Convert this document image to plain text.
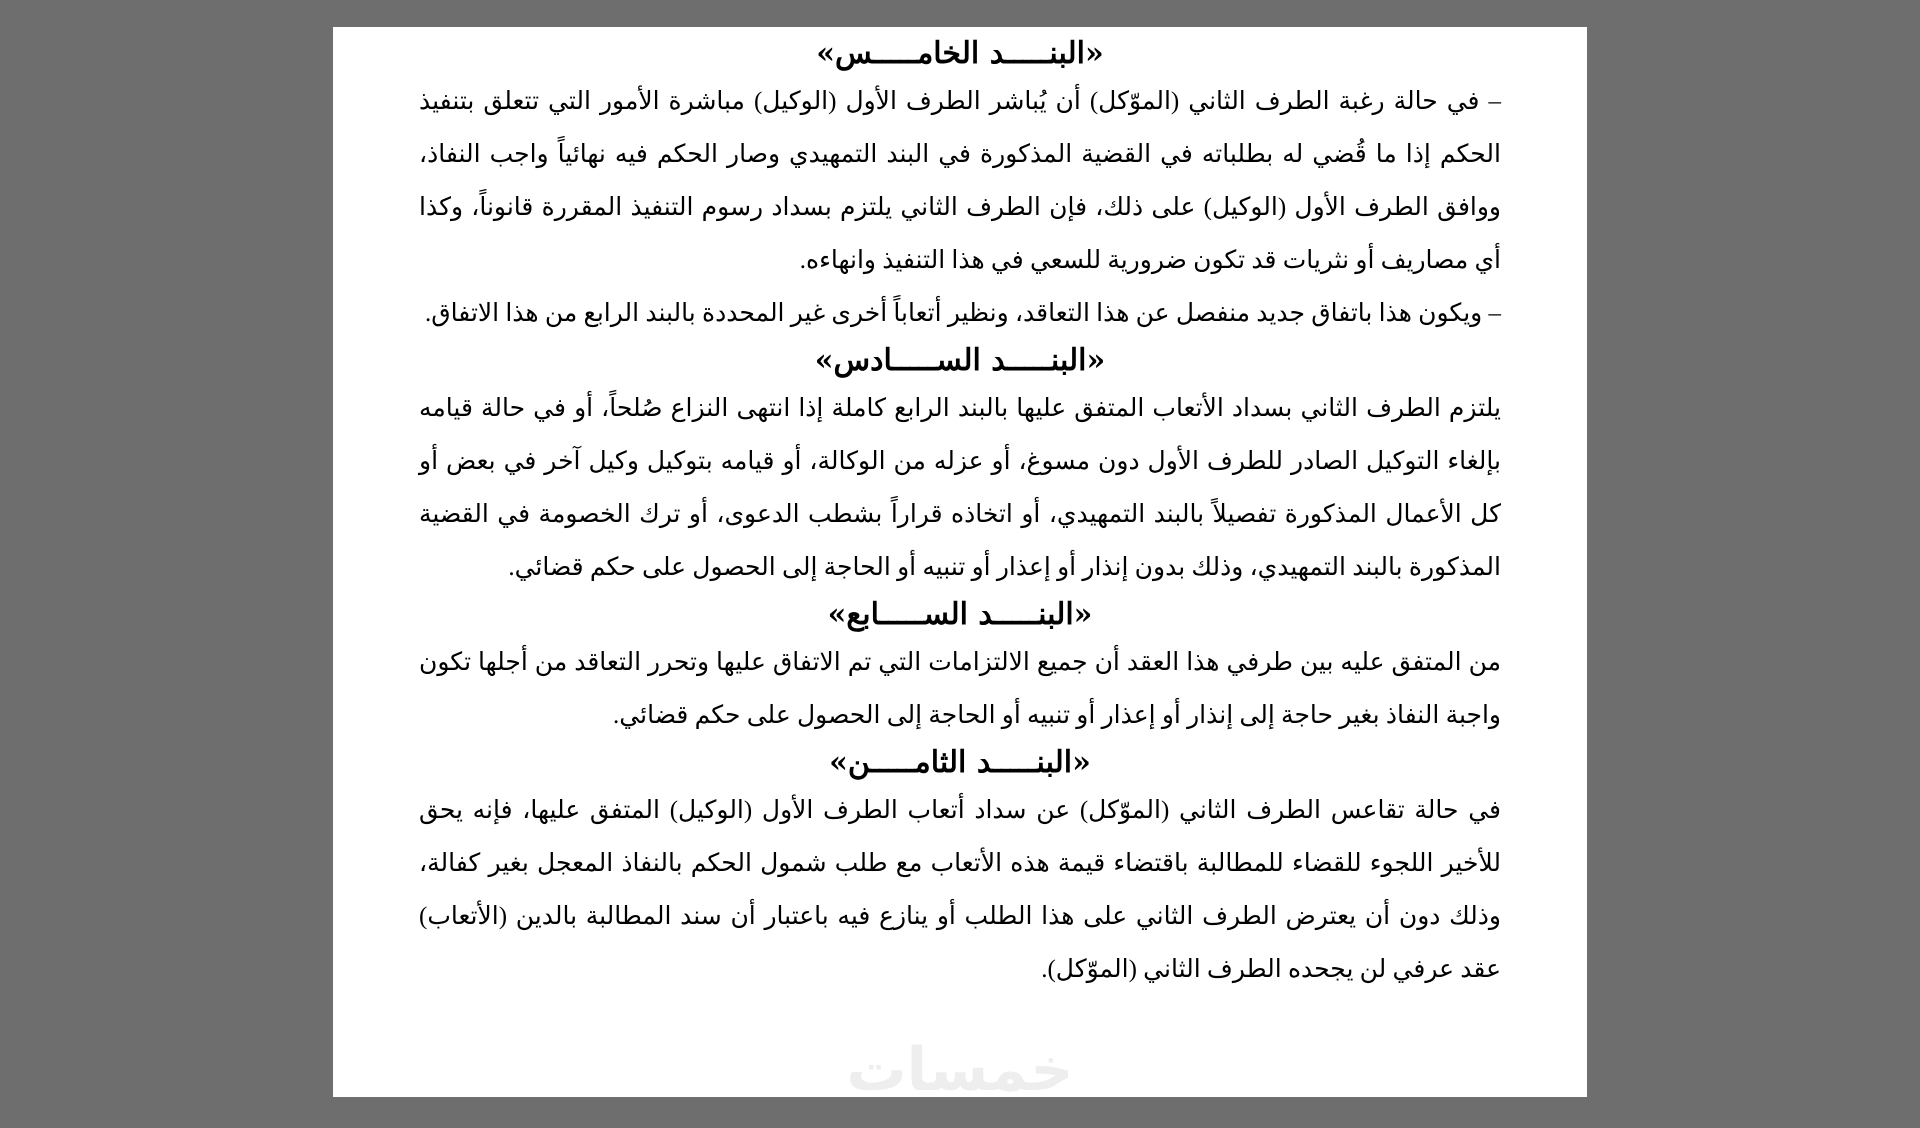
«البنـــــد الخامـــــس»

– في حالة رغبة الطرف الثاني (الموّكل) أن يُباشر الطرف الأول (الوكيل) مباشرة الأمور التي تتعلق بتنفيذ الحكم إذا ما قُضي له بطلباته في القضية المذكورة في البند التمهيدي وصار الحكم فيه نهائياً واجب النفاذ، ووافق الطرف الأول (الوكيل) على ذلك، فإن الطرف الثاني يلتزم بسداد رسوم التنفيذ المقررة قانوناً، وكذا أي مصاريف أو نثريات قد تكون ضرورية للسعي في هذا التنفيذ وانهاءه.

– ويكون هذا باتفاق جديد منفصل عن هذا التعاقد، ونظير أتعاباً أخرى غير المحددة بالبند الرابع من هذا الاتفاق.

«البنـــــد الســـــادس»

يلتزم الطرف الثاني بسداد الأتعاب المتفق عليها بالبند الرابع كاملة إذا انتهى النزاع صُلحاً، أو في حالة قيامه بإلغاء التوكيل الصادر للطرف الأول دون مسوغ، أو عزله من الوكالة، أو قيامه بتوكيل وكيل آخر في بعض أو كل الأعمال المذكورة تفصيلاً بالبند التمهيدي، أو اتخاذه قراراً بشطب الدعوى، أو ترك الخصومة في القضية المذكورة بالبند التمهيدي، وذلك بدون إنذار أو إعذار أو تنبيه أو الحاجة إلى الحصول على حكم قضائي.

«البنـــــد الســـــابع»

من المتفق عليه بين طرفي هذا العقد أن جميع الالتزامات التي تم الاتفاق عليها وتحرر التعاقد من أجلها تكون واجبة النفاذ بغير حاجة إلى إنذار أو إعذار أو تنبيه أو الحاجة إلى الحصول على حكم قضائي.

«البنـــــد الثامـــــن»

في حالة تقاعس الطرف الثاني (الموّكل) عن سداد أتعاب الطرف الأول (الوكيل) المتفق عليها، فإنه يحق للأخير اللجوء للقضاء للمطالبة باقتضاء قيمة هذه الأتعاب مع طلب شمول الحكم بالنفاذ المعجل بغير كفالة، وذلك دون أن يعترض الطرف الثاني على هذا الطلب أو ينازع فيه باعتبار أن سند المطالبة بالدين (الأتعاب) عقد عرفي لن يجحده الطرف الثاني (الموّكل).

خمسات
